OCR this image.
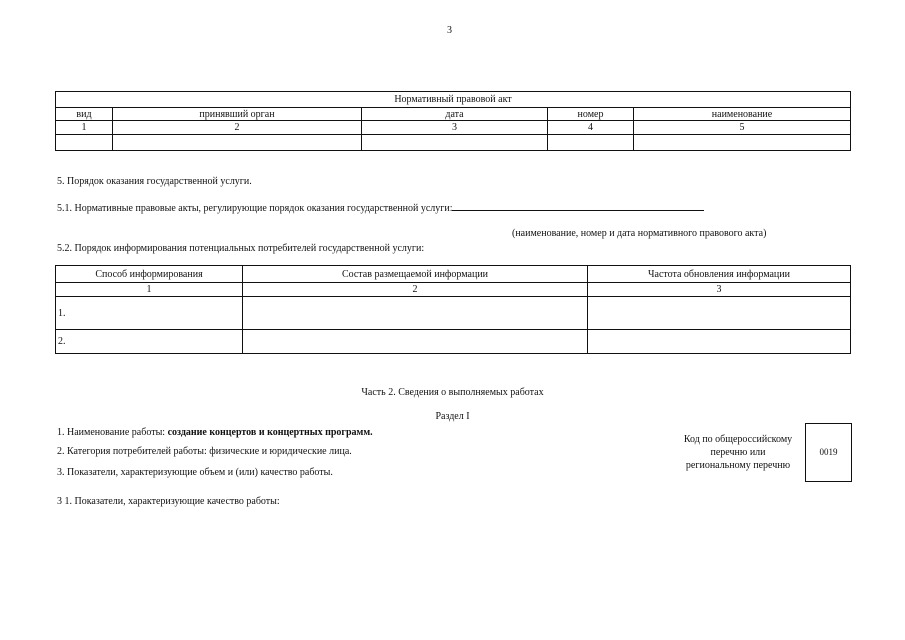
3
Нормативный правовой акт				
вид	принявший орган	дата	номер	наименование
1	2	3	4	5

5. Порядок оказания государственной услуги.
5.1. Нормативные правовые акты, регулирующие порядок оказания государственной услуги:
(наименование, номер и дата нормативного правового акта)
5.2. Порядок информирования потенциальных потребителей государственной услуги:
Способ информирования	Состав размещаемой информации	Частота обновления информации
1	2	3
1.		
2.		
Часть 2. Сведения о выполняемых работах
Раздел I
1. Наименование работы: создание концертов и концертных программ.
2. Категория потребителей работы: физические и юридические лица.
3. Показатели, характеризующие объем и (или) качество работы.
3 1. Показатели, характеризующие качество работы:
Код по общероссийскому
перечню или
региональному перечню
0019
